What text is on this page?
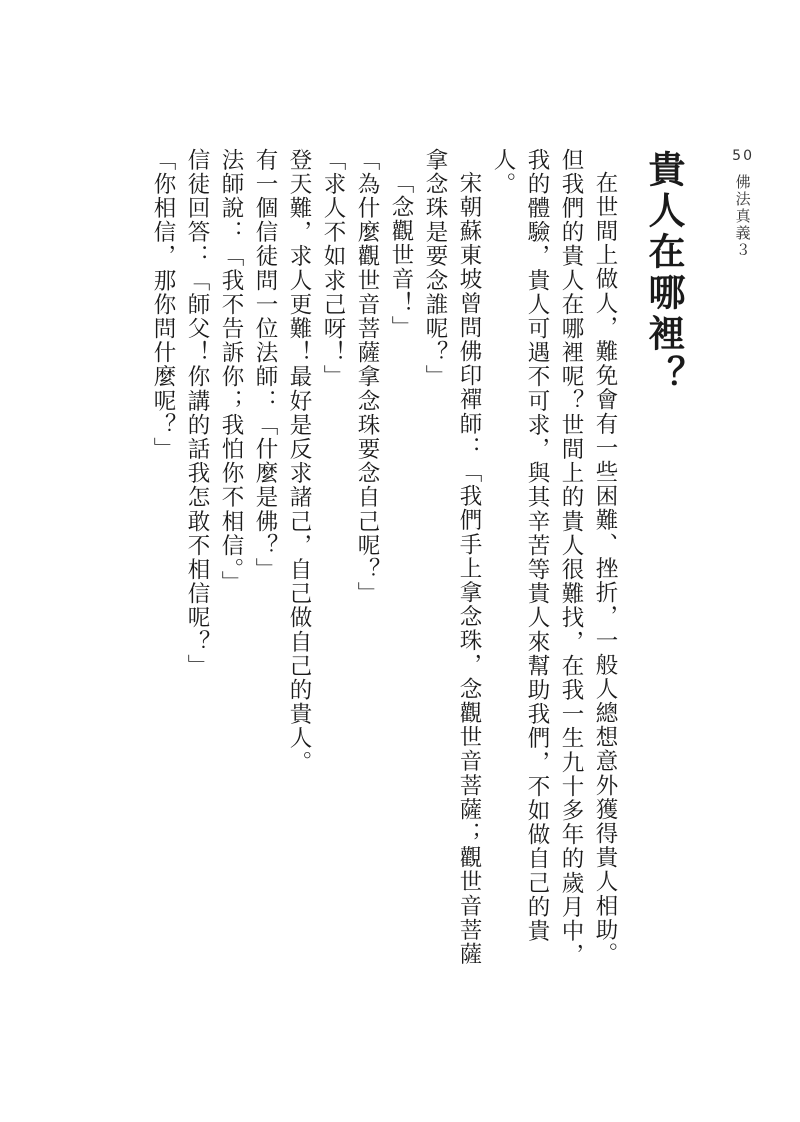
50
佛法真義３
貴人在哪裡？

在世間上做人，難免會有一些困難、挫折，一般人總想意外獲得貴人相助。但我們的貴人在哪裡呢？世間上的貴人很難找，在我一生九十多年的歲月中，我的體驗，貴人可遇不可求，與其辛苦等貴人來幫助我們，不如做自己的貴人。

宋朝蘇東坡曾問佛印禪師：「我們手上拿念珠，念觀世音菩薩；觀世音菩薩拿念珠是要念誰呢？」

「念觀世音！」

「為什麼觀世音菩薩拿念珠要念自己呢？」

「求人不如求己呀！」

登天難，求人更難！最好是反求諸己，自己做自己的貴人。

有一個信徒問一位法師：「什麼是佛？」

法師說：「我不告訴你；我怕你不相信。」

信徒回答：「師父！你講的話我怎敢不相信呢？」

「你相信，那你問什麼呢？」
